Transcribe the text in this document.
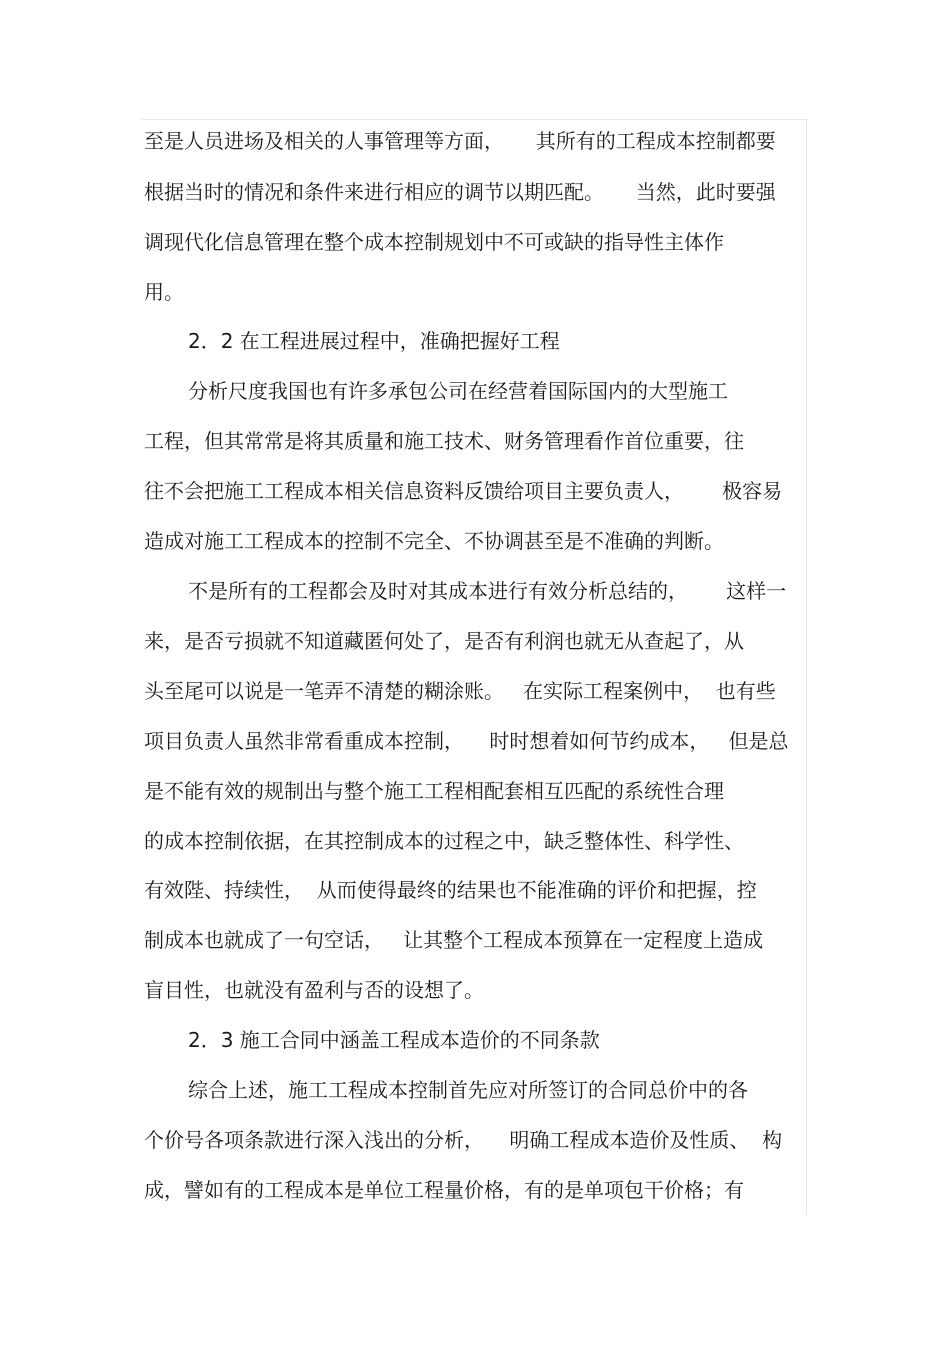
至是人员进场及相关的人事管理等方面，     其所有的工程成本控制都要
根据当时的情况和条件来进行相应的调节以期匹配。     当然，此时要强
调现代化信息管理在整个成本控制规划中不可或缺的指导性主体作
用。
2．2 在工程进展过程中，准确把握好工程
分析尺度我国也有许多承包公司在经营着国际国内的大型施工
工程，但其常常是将其质量和施工技术、财务管理看作首位重要，往
往不会把施工工程成本相关信息资料反馈给项目主要负责人，      极容易
造成对施工工程成本的控制不完全、不协调甚至是不准确的判断。
不是所有的工程都会及时对其成本进行有效分析总结的，      这样一
来，是否亏损就不知道藏匿何处了，是否有利润也就无从查起了，从
头至尾可以说是一笔弄不清楚的糊涂账。   在实际工程案例中，  也有些
项目负责人虽然非常看重成本控制，    时时想着如何节约成本，   但是总
是不能有效的规制出与整个施工工程相配套相互匹配的系统性合理
的成本控制依据，在其控制成本的过程之中，缺乏整体性、科学性、
有效陛、持续性，  从而使得最终的结果也不能准确的评价和把握，控
制成本也就成了一句空话，   让其整个工程成本预算在一定程度上造成
盲目性，也就没有盈利与否的设想了。
2．3 施工合同中涵盖工程成本造价的不同条款
综合上述，施工工程成本控制首先应对所签订的合同总价中的各
个价号各项条款进行深入浅出的分析，    明确工程成本造价及性质、  构
成，譬如有的工程成本是单位工程量价格，有的是单项包干价格；有
